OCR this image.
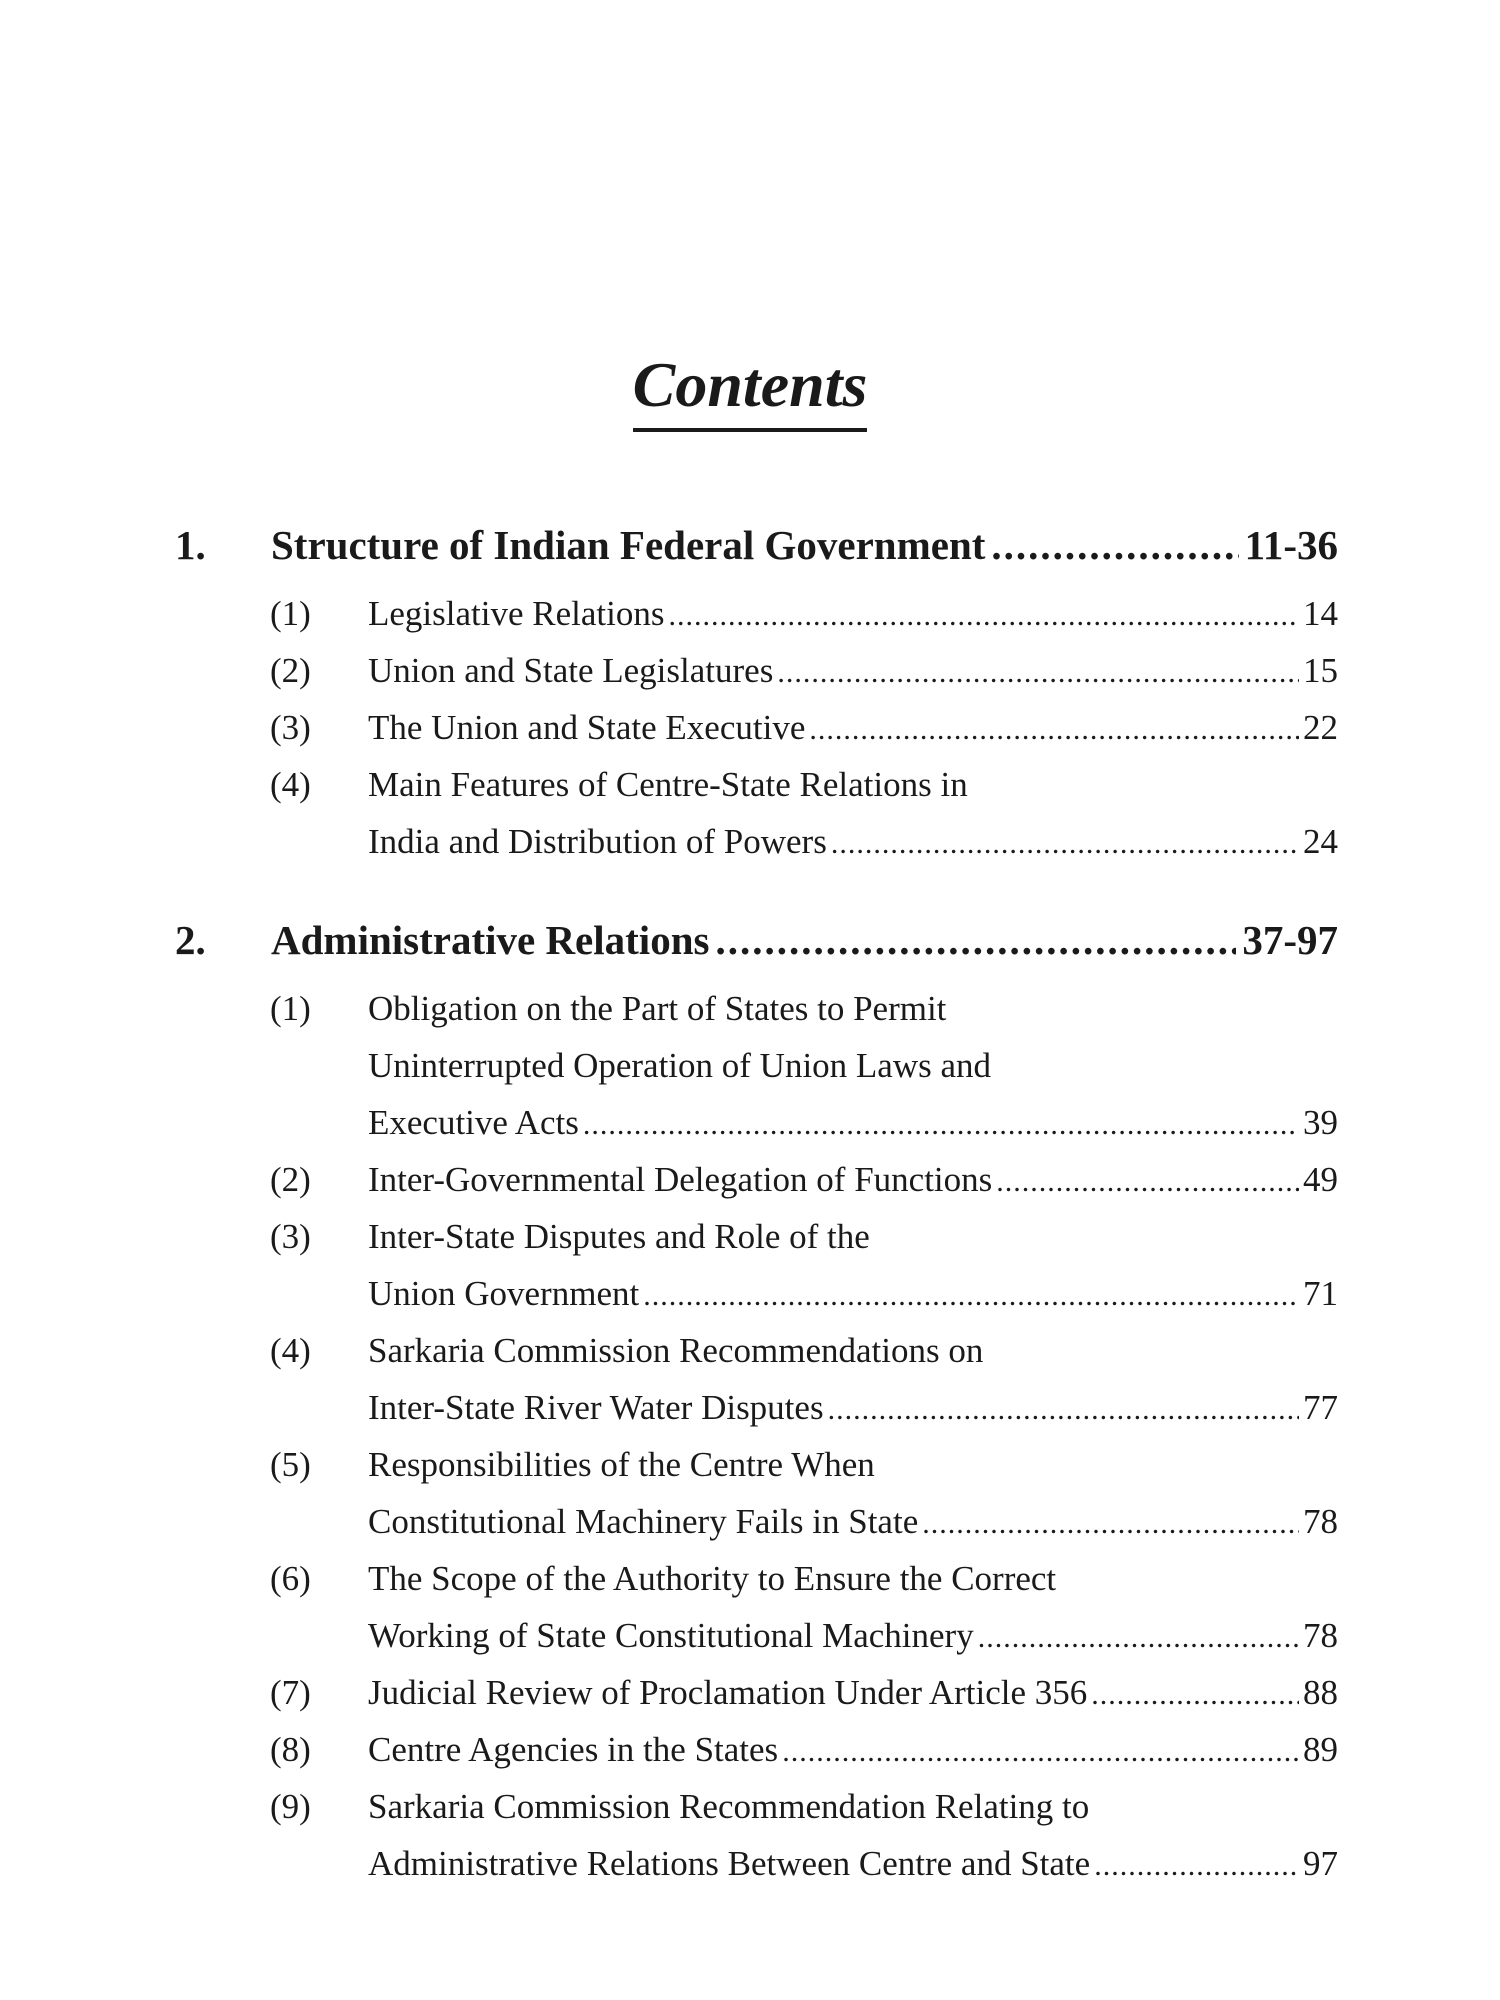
Contents
1.	Structure of Indian Federal Government .....	11-36
(1)	Legislative Relations .....	14
(2)	Union and State Legislatures .....	15
(3)	The Union and State Executive .....	22
(4)	Main Features of Centre-State Relations in
India and Distribution of Powers .....	24
2.	Administrative Relations .....	37-97
(1)	Obligation on the Part of States to Permit
Uninterrupted Operation of Union Laws and
Executive Acts .....	39
(2)	Inter-Governmental Delegation of Functions .....	49
(3)	Inter-State Disputes and Role of the
Union Government .....	71
(4)	Sarkaria Commission Recommendations on
Inter-State River Water Disputes .....	77
(5)	Responsibilities of the Centre When
Constitutional Machinery Fails in State .....	78
(6)	The Scope of the Authority to Ensure the Correct
Working of State Constitutional Machinery .....	78
(7)	Judicial Review of Proclamation Under Article 356 .....	88
(8)	Centre Agencies in the States .....	89
(9)	Sarkaria Commission Recommendation Relating to
Administrative Relations Between Centre and State .....	97
